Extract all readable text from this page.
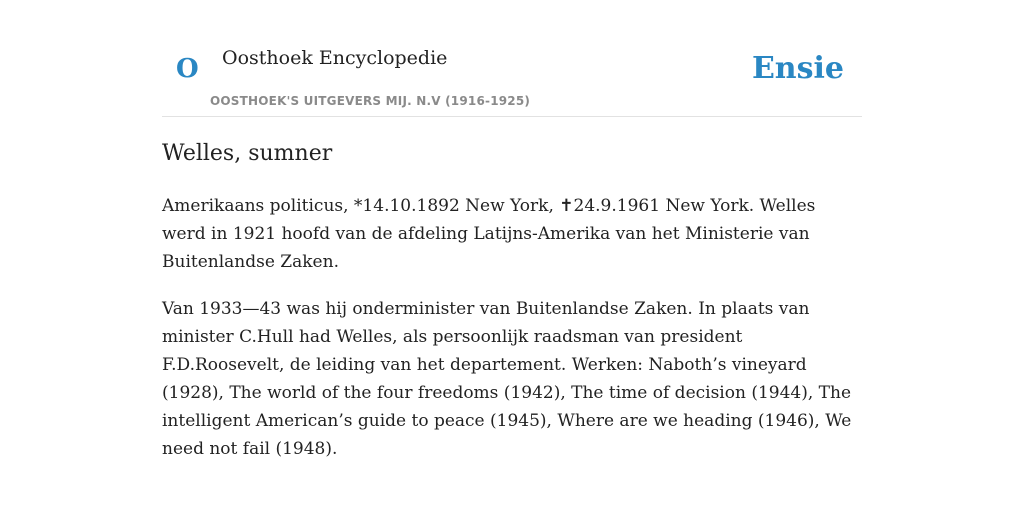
O Oosthoek Encyclopedie
OOSTHOEK'S UITGEVERS MIJ. N.V (1916-1925)
Ensie
Welles, sumner

Amerikaans politicus, *14.10.1892 New York, ✝24.9.1961 New York. Welles werd in 1921 hoofd van de afdeling Latijns-Amerika van het Ministerie van Buitenlandse Zaken.

Van 1933—43 was hij onderminister van Buitenlandse Zaken. In plaats van minister C.Hull had Welles, als persoonlijk raadsman van president F.D.Roosevelt, de leiding van het departement. Werken: Naboth’s vineyard (1928), The world of the four freedoms (1942), The time of decision (1944), The intelligent American’s guide to peace (1945), Where are we heading (1946), We need not fail (1948).
